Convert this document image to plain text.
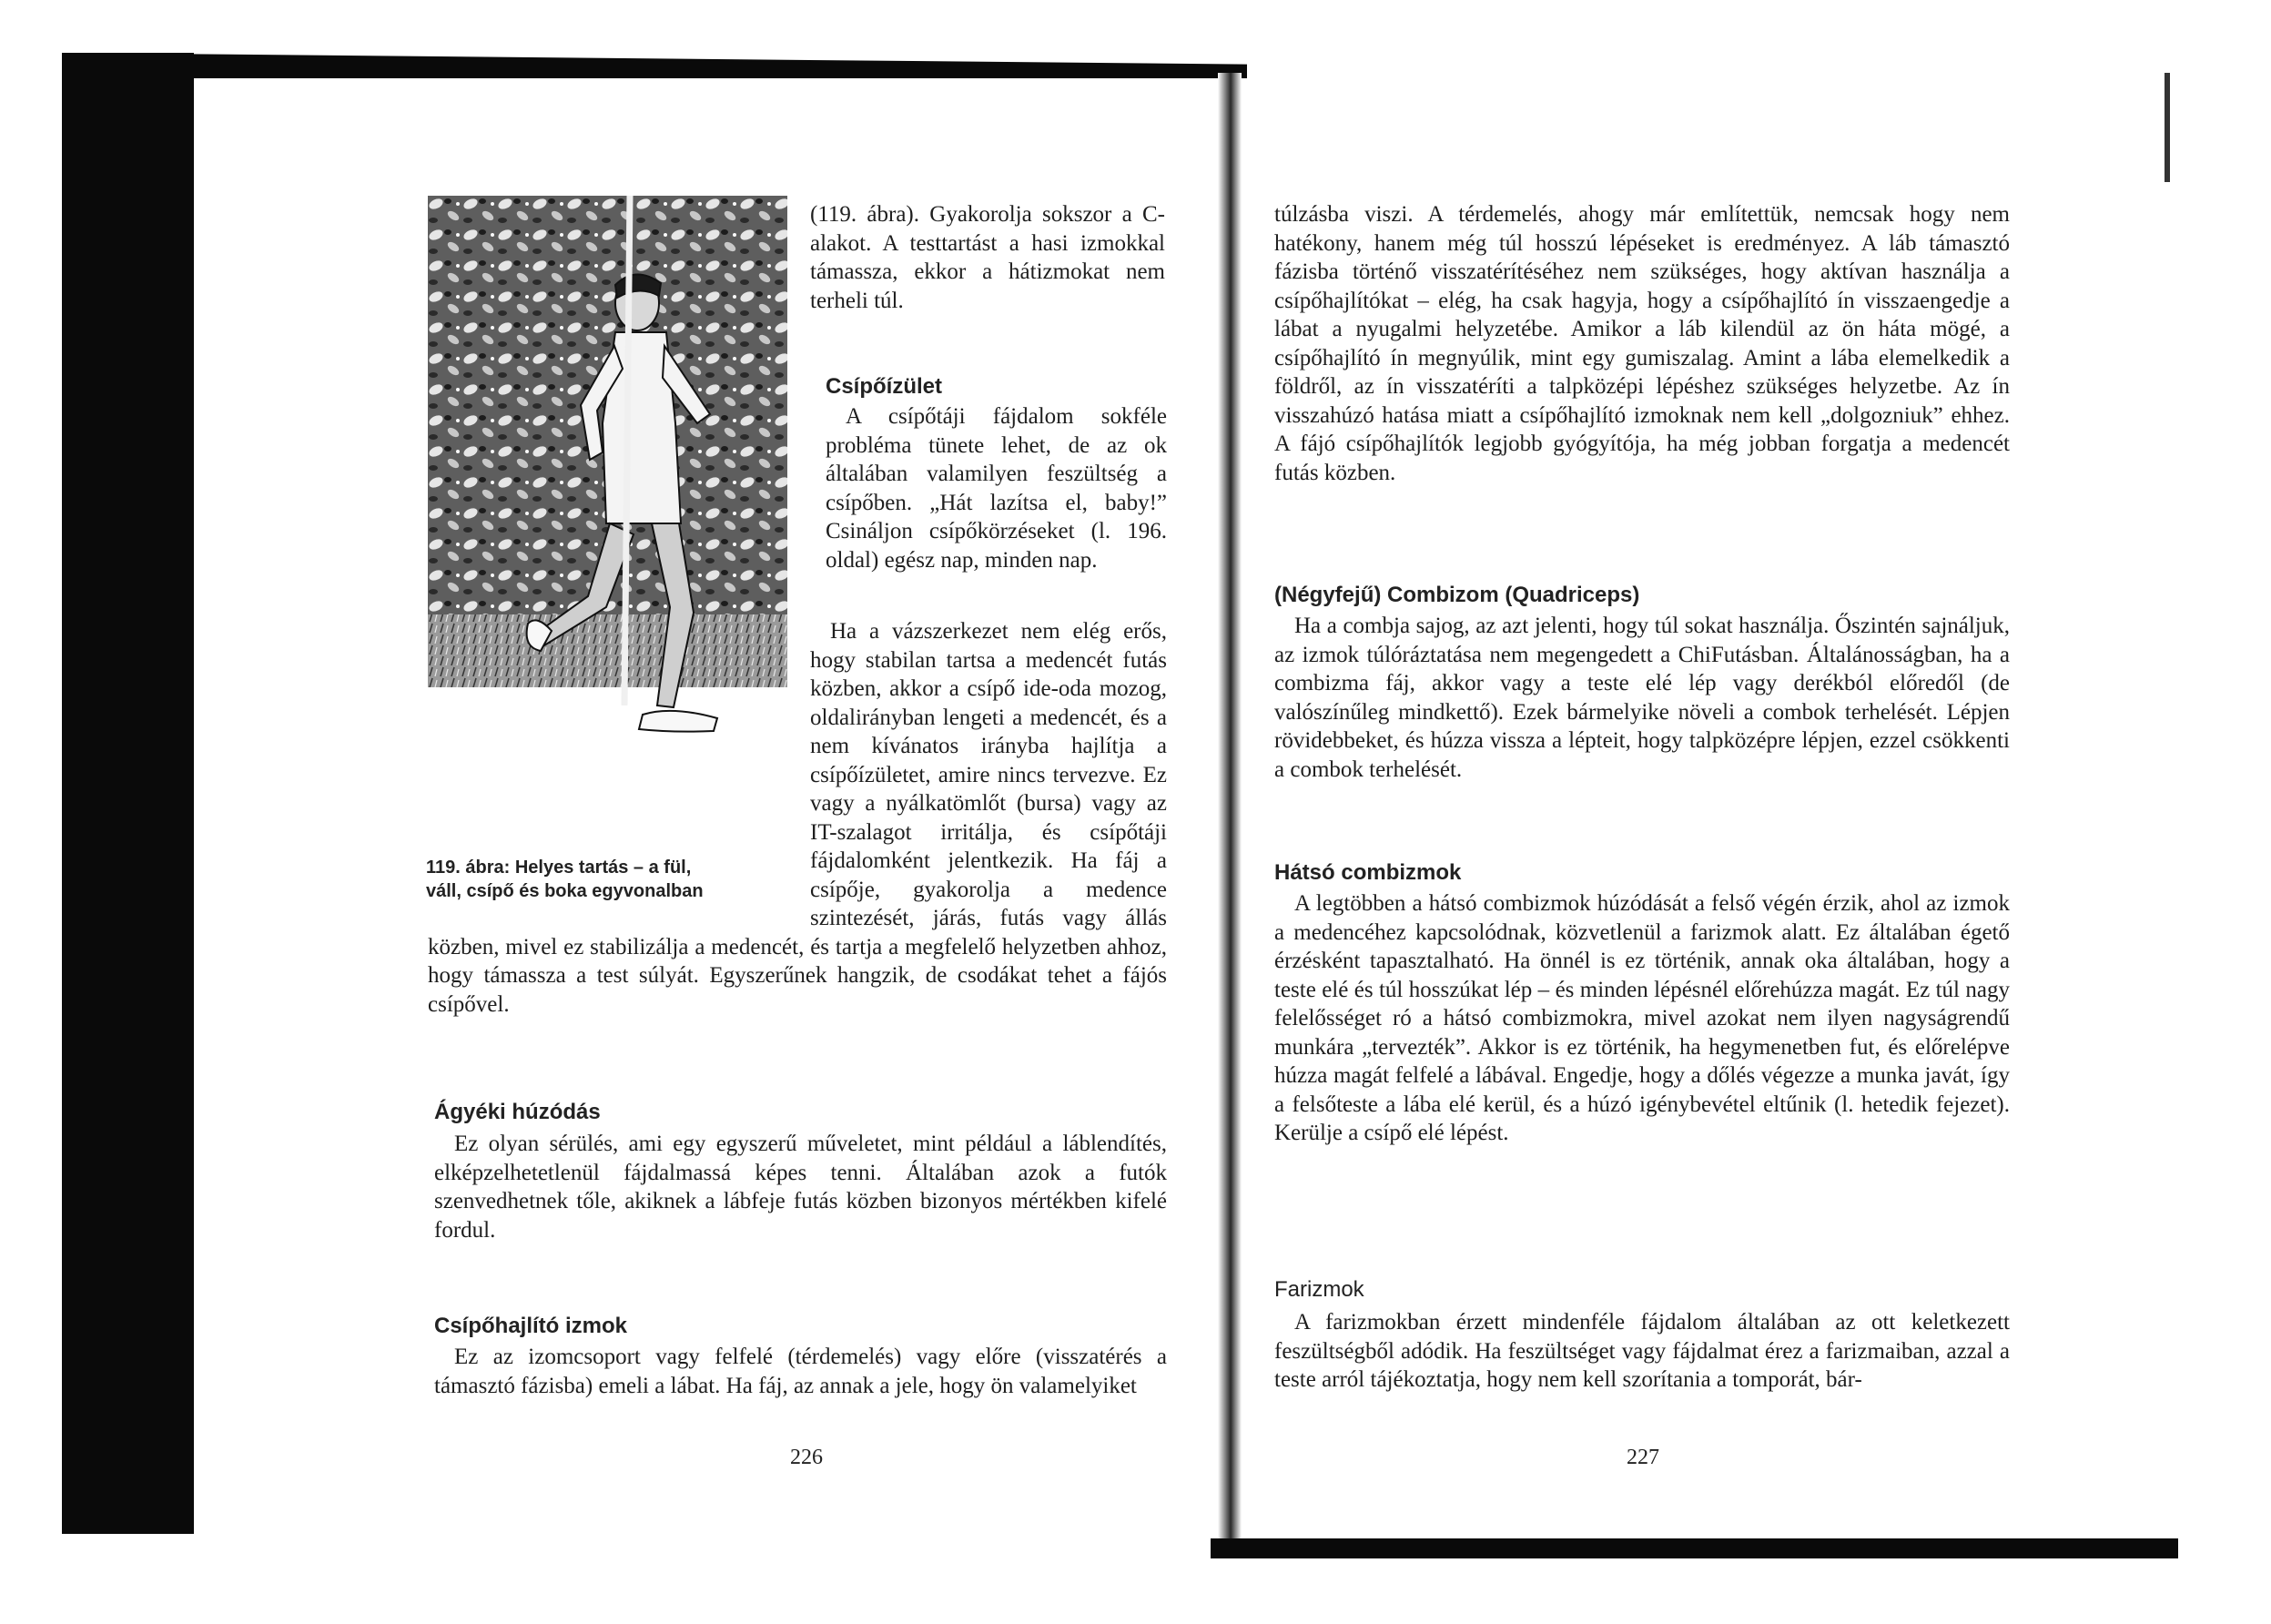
119. ábra: Helyes tartás – a fül,
váll, csípő és boka egyvonalban

(119. ábra). Gyakorolja sokszor a C-alakot. A testtartást a hasi izmokkal támassza, ekkor a hátizmokat nem terheli túl.

Csípőízület

A csípőtáji fájdalom sokféle probléma tünete lehet, de az ok általában valamilyen feszültség a csípőben. „Hát lazítsa el, baby!” Csináljon csípőkörzéseket (l. 196. oldal) egész nap, minden nap.

Ha a vázszerkezet nem elég erős, hogy stabilan tartsa a medencét futás közben, akkor a csípő ide-oda mozog, oldalirányban lengeti a medencét, és a nem kívánatos irányba hajlítja a csípőízületet, amire nincs tervezve. Ez vagy a nyálkatömlőt (bursa) vagy az IT-szalagot irritálja, és csípőtáji fájdalomként jelentkezik. Ha fáj a csípője, gyakorolja a medence szintezését, járás, futás vagy állás közben, mivel ez stabilizálja a medencét, és tartja a megfelelő helyzetben ahhoz, hogy támassza a test súlyát. Egyszerűnek hangzik, de csodákat tehet a fájós csípővel.

Ágyéki húzódás

Ez olyan sérülés, ami egy egyszerű műveletet, mint például a láblendítés, elképzelhetetlenül fájdalmassá képes tenni. Általában azok a futók szenvedhetnek tőle, akiknek a lábfeje futás közben bizonyos mértékben kifelé fordul.

Csípőhajlító izmok

Ez az izomcsoport vagy felfelé (térdemelés) vagy előre (visszatérés a támasztó fázisba) emeli a lábat. Ha fáj, az annak a jele, hogy ön valamelyiket

226

túlzásba viszi. A térdemelés, ahogy már említettük, nemcsak hogy nem hatékony, hanem még túl hosszú lépéseket is eredményez. A láb támasztó fázisba történő visszatérítéséhez nem szükséges, hogy aktívan használja a csípőhajlítókat – elég, ha csak hagyja, hogy a csípőhajlító ín visszaengedje a lábat a nyugalmi helyzetébe. Amikor a láb kilendül az ön háta mögé, a csípőhajlító ín megnyúlik, mint egy gumiszalag. Amint a lába elemelkedik a földről, az ín visszatéríti a talpközépi lépéshez szükséges helyzetbe. Az ín visszahúzó hatása miatt a csípőhajlító izmoknak nem kell „dolgozniuk” ehhez. A fájó csípőhajlítók legjobb gyógyítója, ha még jobban forgatja a medencét futás közben.

(Négyfejű) Combizom (Quadriceps)

Ha a combja sajog, az azt jelenti, hogy túl sokat használja. Őszintén sajnáljuk, az izmok túlóráztatása nem megengedett a ChiFutásban. Általánosságban, ha a combizma fáj, akkor vagy a teste elé lép vagy derékból előredől (de valószínűleg mindkettő). Ezek bármelyike növeli a combok terhelését. Lépjen rövidebbeket, és húzza vissza a lépteit, hogy talpközépre lépjen, ezzel csökkenti a combok terhelését.

Hátsó combizmok

A legtöbben a hátsó combizmok húzódását a felső végén érzik, ahol az izmok a medencéhez kapcsolódnak, közvetlenül a farizmok alatt. Ez általában égető érzésként tapasztalható. Ha önnél is ez történik, annak oka általában, hogy a teste elé és túl hosszúkat lép – és minden lépésnél előrehúzza magát. Ez túl nagy felelősséget ró a hátsó combizmokra, mivel azokat nem ilyen nagyságrendű munkára „tervezték”. Akkor is ez történik, ha hegymenetben fut, és előrelépve húzza magát felfelé a lábával. Engedje, hogy a dőlés végezze a munka javát, így a felsőteste a lába elé kerül, és a húzó igénybevétel eltűnik (l. hetedik fejezet). Kerülje a csípő elé lépést.

Farizmok

A farizmokban érzett mindenféle fájdalom általában az ott keletkezett feszültségből adódik. Ha feszültséget vagy fájdalmat érez a farizmaiban, azzal a teste arról tájékoztatja, hogy nem kell szorítania a tomporát, bár-

227
